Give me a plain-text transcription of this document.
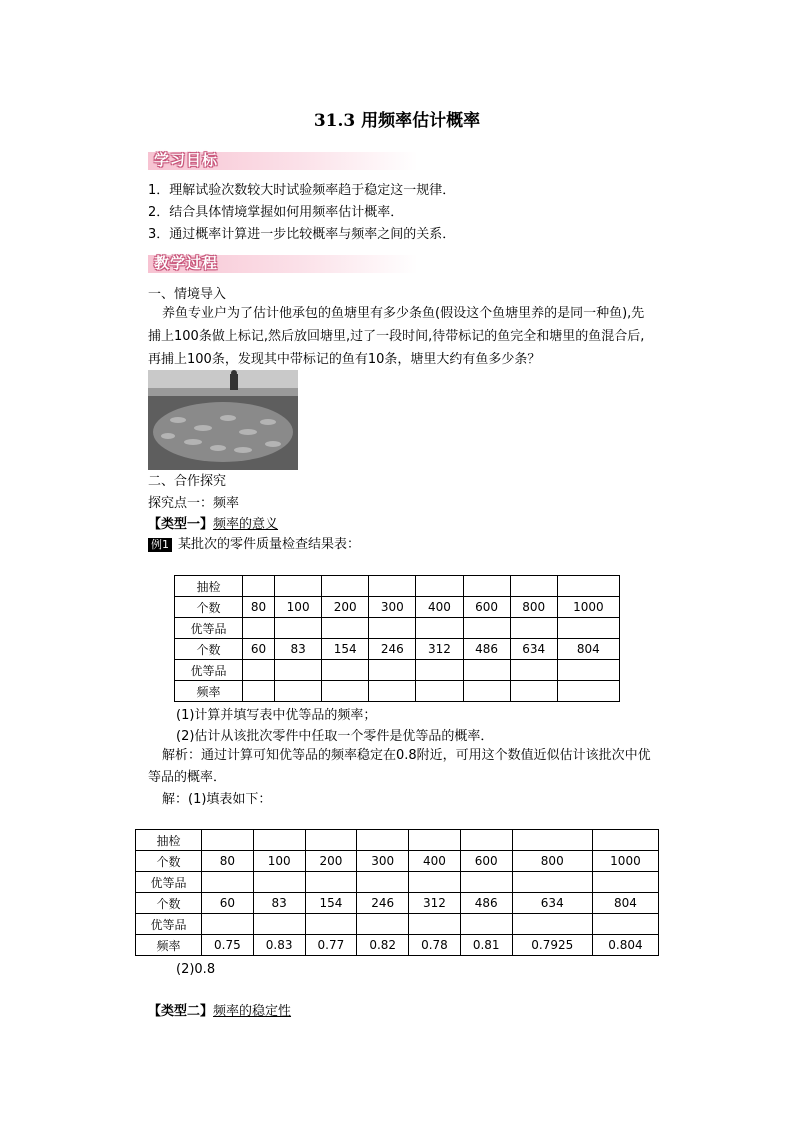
31.3 用频率估计概率
学习目标
1．理解试验次数较大时试验频率趋于稳定这一规律．
2．结合具体情境掌握如何用频率估计概率．
3．通过概率计算进一步比较概率与频率之间的关系．
教学过程
一、情境导入
养鱼专业户为了估计他承包的鱼塘里有多少条鱼(假设这个鱼塘里养的是同一种鱼),先
捕上100条做上标记,然后放回塘里,过了一段时间,待带标记的鱼完全和塘里的鱼混合后,
再捕上100条，发现其中带标记的鱼有10条，塘里大约有鱼多少条？
二、合作探究
探究点一：频率
【类型一】频率的意义
例1 某批次的零件质量检查结果表：
抽检								
个数	80	100	200	300	400	600	800	1000
优等品								
个数	60	83	154	246	312	486	634	804
优等品								
频率								
(1)计算并填写表中优等品的频率；
(2)估计从该批次零件中任取一个零件是优等品的概率．
解析：通过计算可知优等品的频率稳定在0.8附近，可用这个数值近似估计该批次中优
等品的概率．
解：(1)填表如下：
抽检								
个数	80	100	200	300	400	600	800	1000
优等品								
个数	60	83	154	246	312	486	634	804
优等品								
频率	0.75	0.83	0.77	0.82	0.78	0.81	0.7925	0.804
(2)0.8
【类型二】频率的稳定性
